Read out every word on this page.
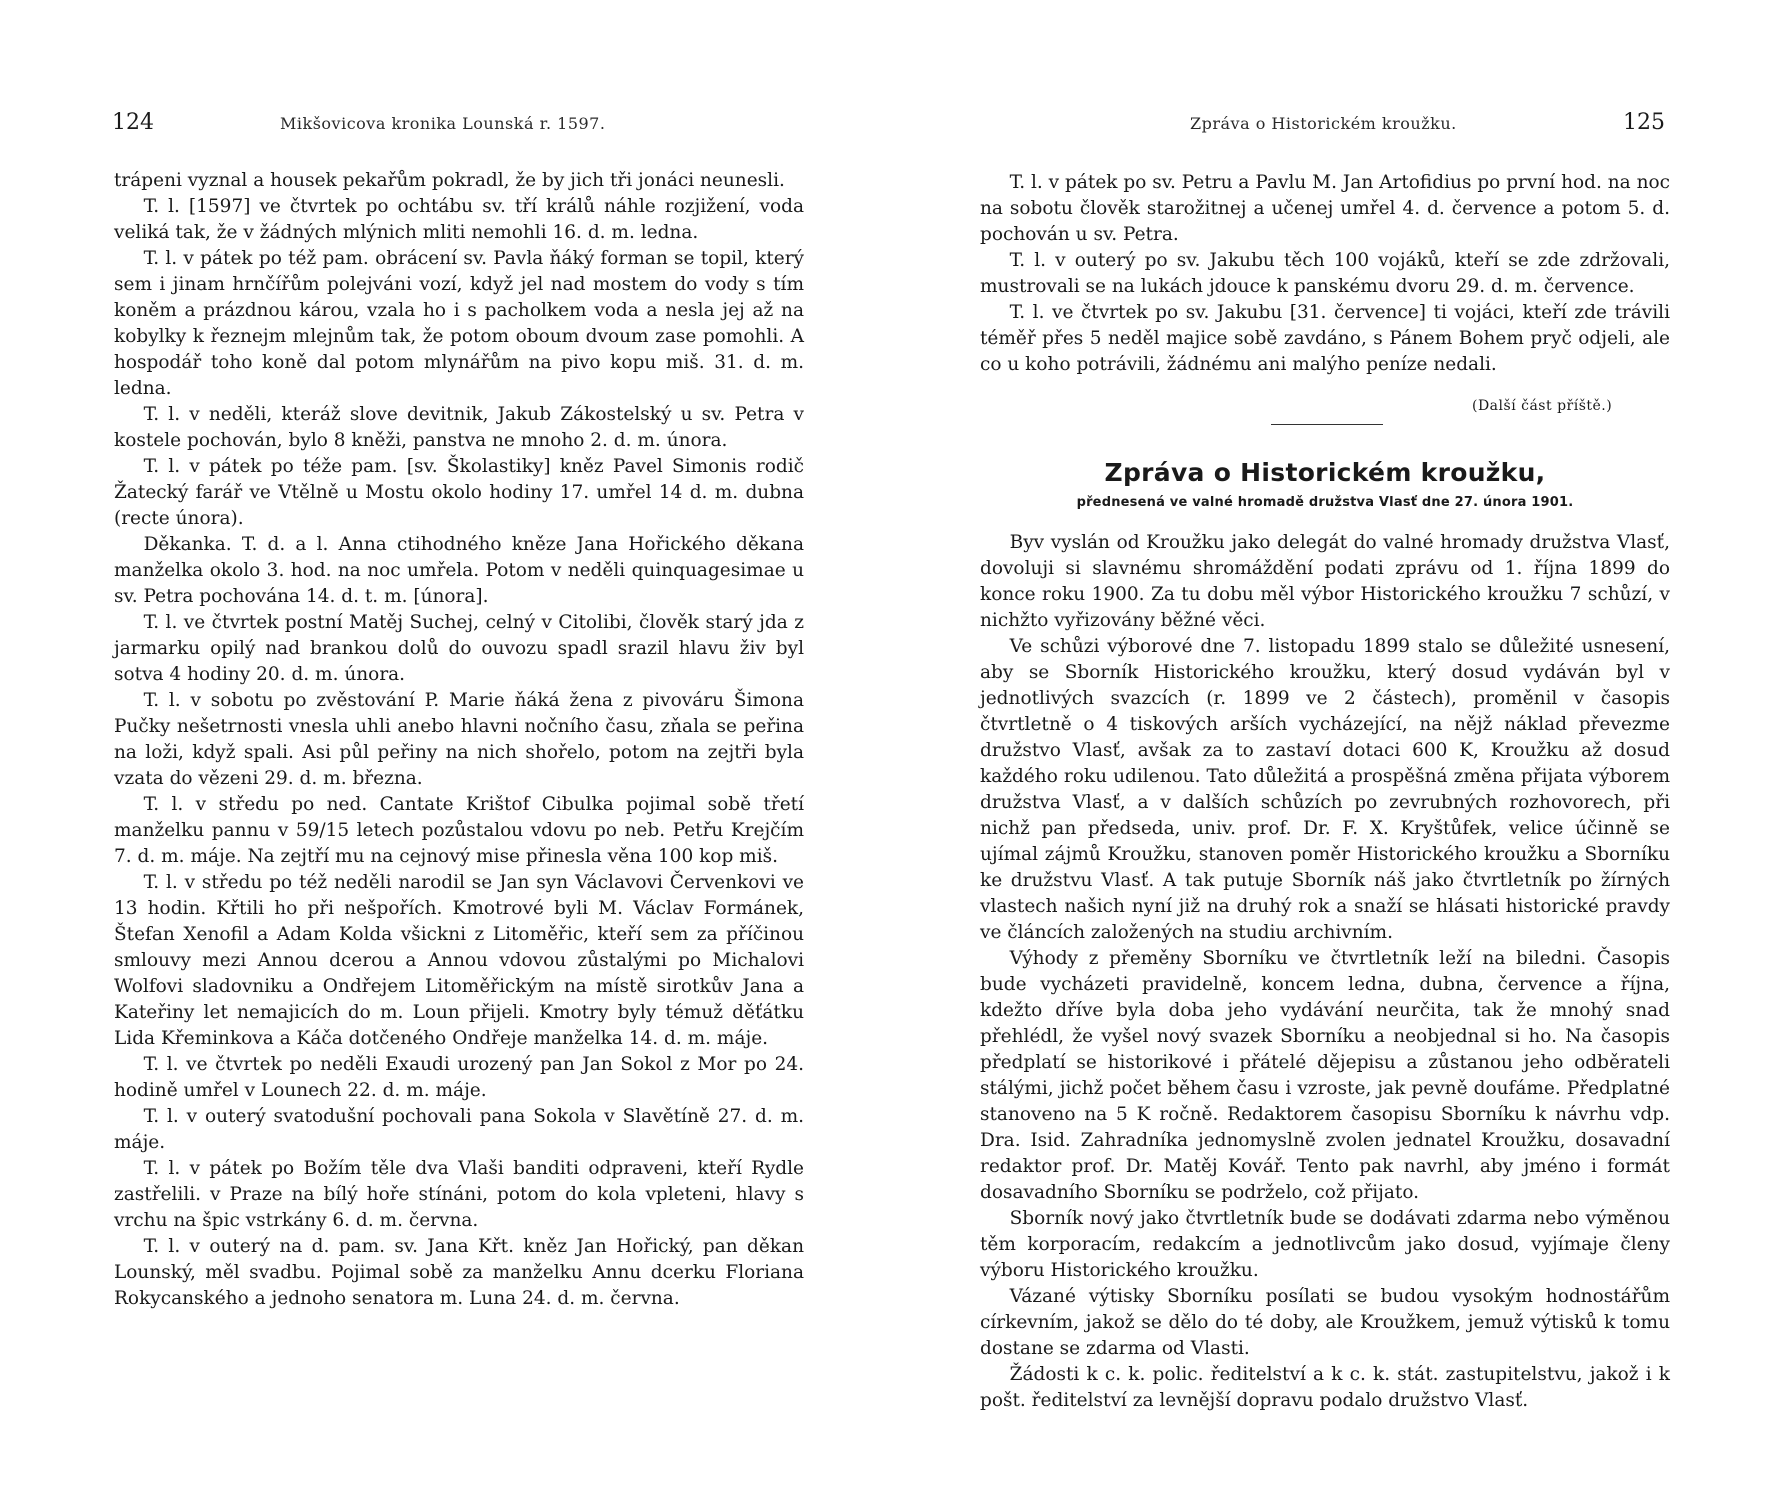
124	Mikšovicova kronika Lounská r. 1597.

trápeni vyznal a housek pekařům pokradl, že by jich tři jonáci neunesli.

T. l. [1597] ve čtvrtek po ochtábu sv. tří králů náhle rozjižení, voda veliká tak, že v žádných mlýnich mliti nemohli 16. d. m. ledna.

T. l. v pátek po též pam. obrácení sv. Pavla ňáký forman se topil, který sem i jinam hrnčířům polejváni vozí, když jel nad mostem do vody s tím koněm a prázdnou károu, vzala ho i s pacholkem voda a nesla jej až na kobylky k řeznejm mlejnům tak, že potom oboum dvoum zase pomohli. A hospodář toho koně dal potom mlynářům na pivo kopu miš. 31. d. m. ledna.

T. l. v neděli, kteráž slove devitnik, Jakub Zákostelský u sv. Petra v kostele pochován, bylo 8 kněži, panstva ne mnoho 2. d. m. února.

T. l. v pátek po téže pam. [sv. Školastiky] kněz Pavel Simonis rodič Žatecký farář ve Vtělně u Mostu okolo hodiny 17. umřel 14 d. m. dubna (recte února).

Děkanka. T. d. a l. Anna ctihodného kněze Jana Hořického děkana manželka okolo 3. hod. na noc umřela. Potom v neděli quinquagesimae u sv. Petra pochována 14. d. t. m. [února].

T. l. ve čtvrtek postní Matěj Suchej, celný v Citolibi, člověk starý jda z jarmarku opilý nad brankou dolů do ouvozu spadl srazil hlavu živ byl sotva 4 hodiny 20. d. m. února.

T. l. v sobotu po zvěstování P. Marie ňáká žena z pivováru Šimona Pučky nešetrnosti vnesla uhli anebo hlavni nočního času, zňala se peřina na loži, když spali. Asi půl peřiny na nich shořelo, potom na zejtři byla vzata do vězeni 29. d. m. března.

T. l. v středu po ned. Cantate Krištof Cibulka pojimal sobě třetí manželku pannu v 59/15 letech pozůstalou vdovu po neb. Petřu Krejčím 7. d. m. máje. Na zejtří mu na cejnový mise přinesla věna 100 kop miš.

T. l. v středu po též neděli narodil se Jan syn Václavovi Červenkovi ve 13 hodin. Křtili ho při nešpořích. Kmotrové byli M. Václav Formánek, Štefan Xenofil a Adam Kolda všickni z Litoměřic, kteří sem za příčinou smlouvy mezi Annou dcerou a Annou vdovou zůstalými po Michalovi Wolfovi sladovniku a Ondřejem Litoměřickým na místě sirotkův Jana a Kateřiny let nemajicích do m. Loun přijeli. Kmotry byly témuž děťátku Lida Křeminkova a Káča dotčeného Ondřeje manželka 14. d. m. máje.

T. l. ve čtvrtek po neděli Exaudi urozený pan Jan Sokol z Mor po 24. hodině umřel v Lounech 22. d. m. máje.

T. l. v outerý svatodušní pochovali pana Sokola v Slavětíně 27. d. m. máje.

T. l. v pátek po Božím těle dva Vlaši banditi odpraveni, kteří Rydle zastřelili. v Praze na bílý hoře stínáni, potom do kola vpleteni, hlavy s vrchu na špic vstrkány 6. d. m. června.

T. l. v outerý na d. pam. sv. Jana Křt. kněz Jan Hořický, pan děkan Lounský, měl svadbu. Pojimal sobě za manželku Annu dcerku Floriana Rokycanského a jednoho senatora m. Luna 24. d. m. června.

Zpráva o Historickém kroužku.	125

T. l. v pátek po sv. Petru a Pavlu M. Jan Artofidius po první hod. na noc na sobotu člověk starožitnej a učenej umřel 4. d. července a potom 5. d. pochován u sv. Petra.

T. l. v outerý po sv. Jakubu těch 100 vojáků, kteří se zde zdržovali, mustrovali se na lukách jdouce k panskému dvoru 29. d. m. července.

T. l. ve čtvrtek po sv. Jakubu [31. července] ti vojáci, kteří zde trávili téměř přes 5 neděl majice sobě zavdáno, s Pánem Bohem pryč odjeli, ale co u koho potrávili, žádnému ani malýho peníze nedali.

(Další část příště.)
Zpráva o Historickém kroužku,
přednesená ve valné hromadě družstva Vlasť dne 27. února 1901.

Byv vyslán od Kroužku jako delegát do valné hromady družstva Vlasť, dovoluji si slavnému shromáždění podati zprávu od 1. října 1899 do konce roku 1900. Za tu dobu měl výbor Historického kroužku 7 schůzí, v nichžto vyřizovány běžné věci.

Ve schůzi výborové dne 7. listopadu 1899 stalo se důležité usnesení, aby se Sborník Historického kroužku, který dosud vydáván byl v jednotlivých svazcích (r. 1899 ve 2 částech), proměnil v časopis čtvrtletně o 4 tiskových arších vycházející, na nějž náklad převezme družstvo Vlasť, avšak za to zastaví dotaci 600 K, Kroužku až dosud každého roku udilenou. Tato důležitá a prospěšná změna přijata výborem družstva Vlasť, a v dalších schůzích po zevrubných rozhovorech, při nichž pan předseda, univ. prof. Dr. F. X. Kryštůfek, velice účinně se ujímal zájmů Kroužku, stanoven poměr Historického kroužku a Sborníku ke družstvu Vlasť. A tak putuje Sborník náš jako čtvrtletník po žírných vlastech našich nyní již na druhý rok a snaží se hlásati historické pravdy ve článcích založených na studiu archivním.

Výhody z přeměny Sborníku ve čtvrtletník leží na biledni. Časopis bude vycházeti pravidelně, koncem ledna, dubna, července a října, kdežto dříve byla doba jeho vydávání neurčita, tak že mnohý snad přehlédl, že vyšel nový svazek Sborníku a neobjednal si ho. Na časopis předplatí se historikové i přátelé dějepisu a zůstanou jeho odběrateli stálými, jichž počet během času i vzroste, jak pevně doufáme. Předplatné stanoveno na 5 K ročně. Redaktorem časopisu Sborníku k návrhu vdp. Dra. Isid. Zahradníka jednomyslně zvolen jednatel Kroužku, dosavadní redaktor prof. Dr. Matěj Kovář. Tento pak navrhl, aby jméno i formát dosavadního Sborníku se podrželo, což přijato.

Sborník nový jako čtvrtletník bude se dodávati zdarma nebo výměnou těm korporacím, redakcím a jednotlivcům jako dosud, vyjímaje členy výboru Historického kroužku.

Vázané výtisky Sborníku posílati se budou vysokým hodnostářům církevním, jakož se dělo do té doby, ale Kroužkem, jemuž výtisků k tomu dostane se zdarma od Vlasti.

Žádosti k c. k. polic. ředitelství a k c. k. stát. zastupitelstvu, jakož i k pošt. ředitelství za levnější dopravu podalo družstvo Vlasť.
